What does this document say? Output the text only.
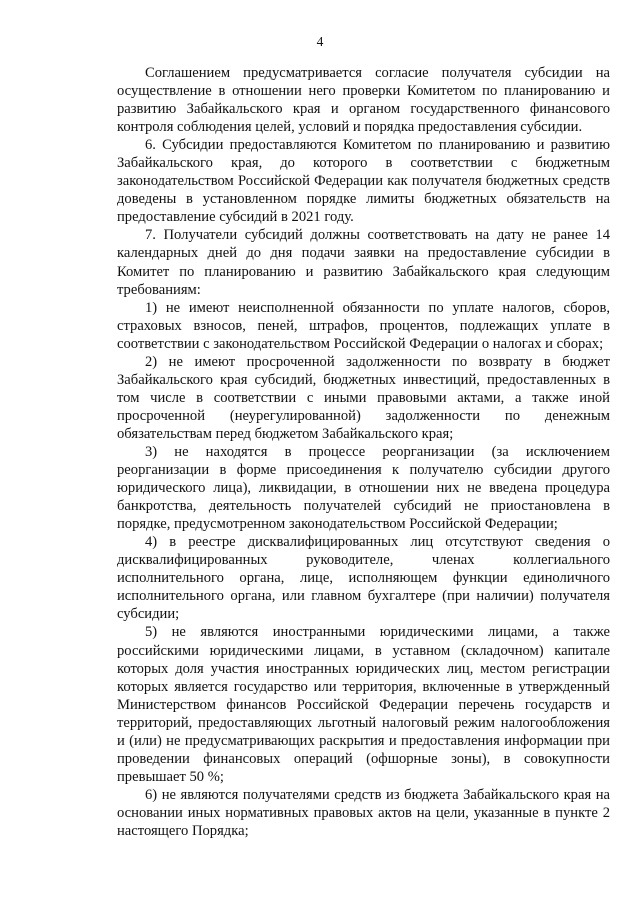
4

Соглашением предусматривается согласие получателя субсидии на осуществление в отношении него проверки Комитетом по планированию и развитию Забайкальского края и органом государственного финансового контроля соблюдения целей, условий и порядка предоставления субсидии.

6. Субсидии предоставляются Комитетом по планированию и развитию Забайкальского края, до которого в соответствии с бюджетным законодательством Российской Федерации как получателя бюджетных средств доведены в установленном порядке лимиты бюджетных обязательств на предоставление субсидий в 2021 году.

7. Получатели субсидий должны соответствовать на дату не ранее 14 календарных дней до дня подачи заявки на предоставление субсидии в Комитет по планированию и развитию Забайкальского края следующим требованиям:

1) не имеют неисполненной обязанности по уплате налогов, сборов, страховых взносов, пеней, штрафов, процентов, подлежащих уплате в соответствии с законодательством Российской Федерации о налогах и сборах;

2) не имеют просроченной задолженности по возврату в бюджет Забайкальского края субсидий, бюджетных инвестиций, предоставленных в том числе в соответствии с иными правовыми актами, а также иной просроченной (неурегулированной) задолженности по денежным обязательствам перед бюджетом Забайкальского края;

3) не находятся в процессе реорганизации (за исключением реорганизации в форме присоединения к получателю субсидии другого юридического лица), ликвидации, в отношении них не введена процедура банкротства, деятельность получателей субсидий не приостановлена в порядке, предусмотренном законодательством Российской Федерации;

4) в реестре дисквалифицированных лиц отсутствуют сведения о дисквалифицированных руководителе, членах коллегиального исполнительного органа, лице, исполняющем функции единоличного исполнительного органа, или главном бухгалтере (при наличии) получателя субсидии;

5) не являются иностранными юридическими лицами, а также российскими юридическими лицами, в уставном (складочном) капитале которых доля участия иностранных юридических лиц, местом регистрации которых является государство или территория, включенные в утвержденный Министерством финансов Российской Федерации перечень государств и территорий, предоставляющих льготный налоговый режим налогообложения и (или) не предусматривающих раскрытия и предоставления информации при проведении финансовых операций (офшорные зоны), в совокупности превышает 50 %;

6) не являются получателями средств из бюджета Забайкальского края на основании иных нормативных правовых актов на цели, указанные в пункте 2 настоящего Порядка;
